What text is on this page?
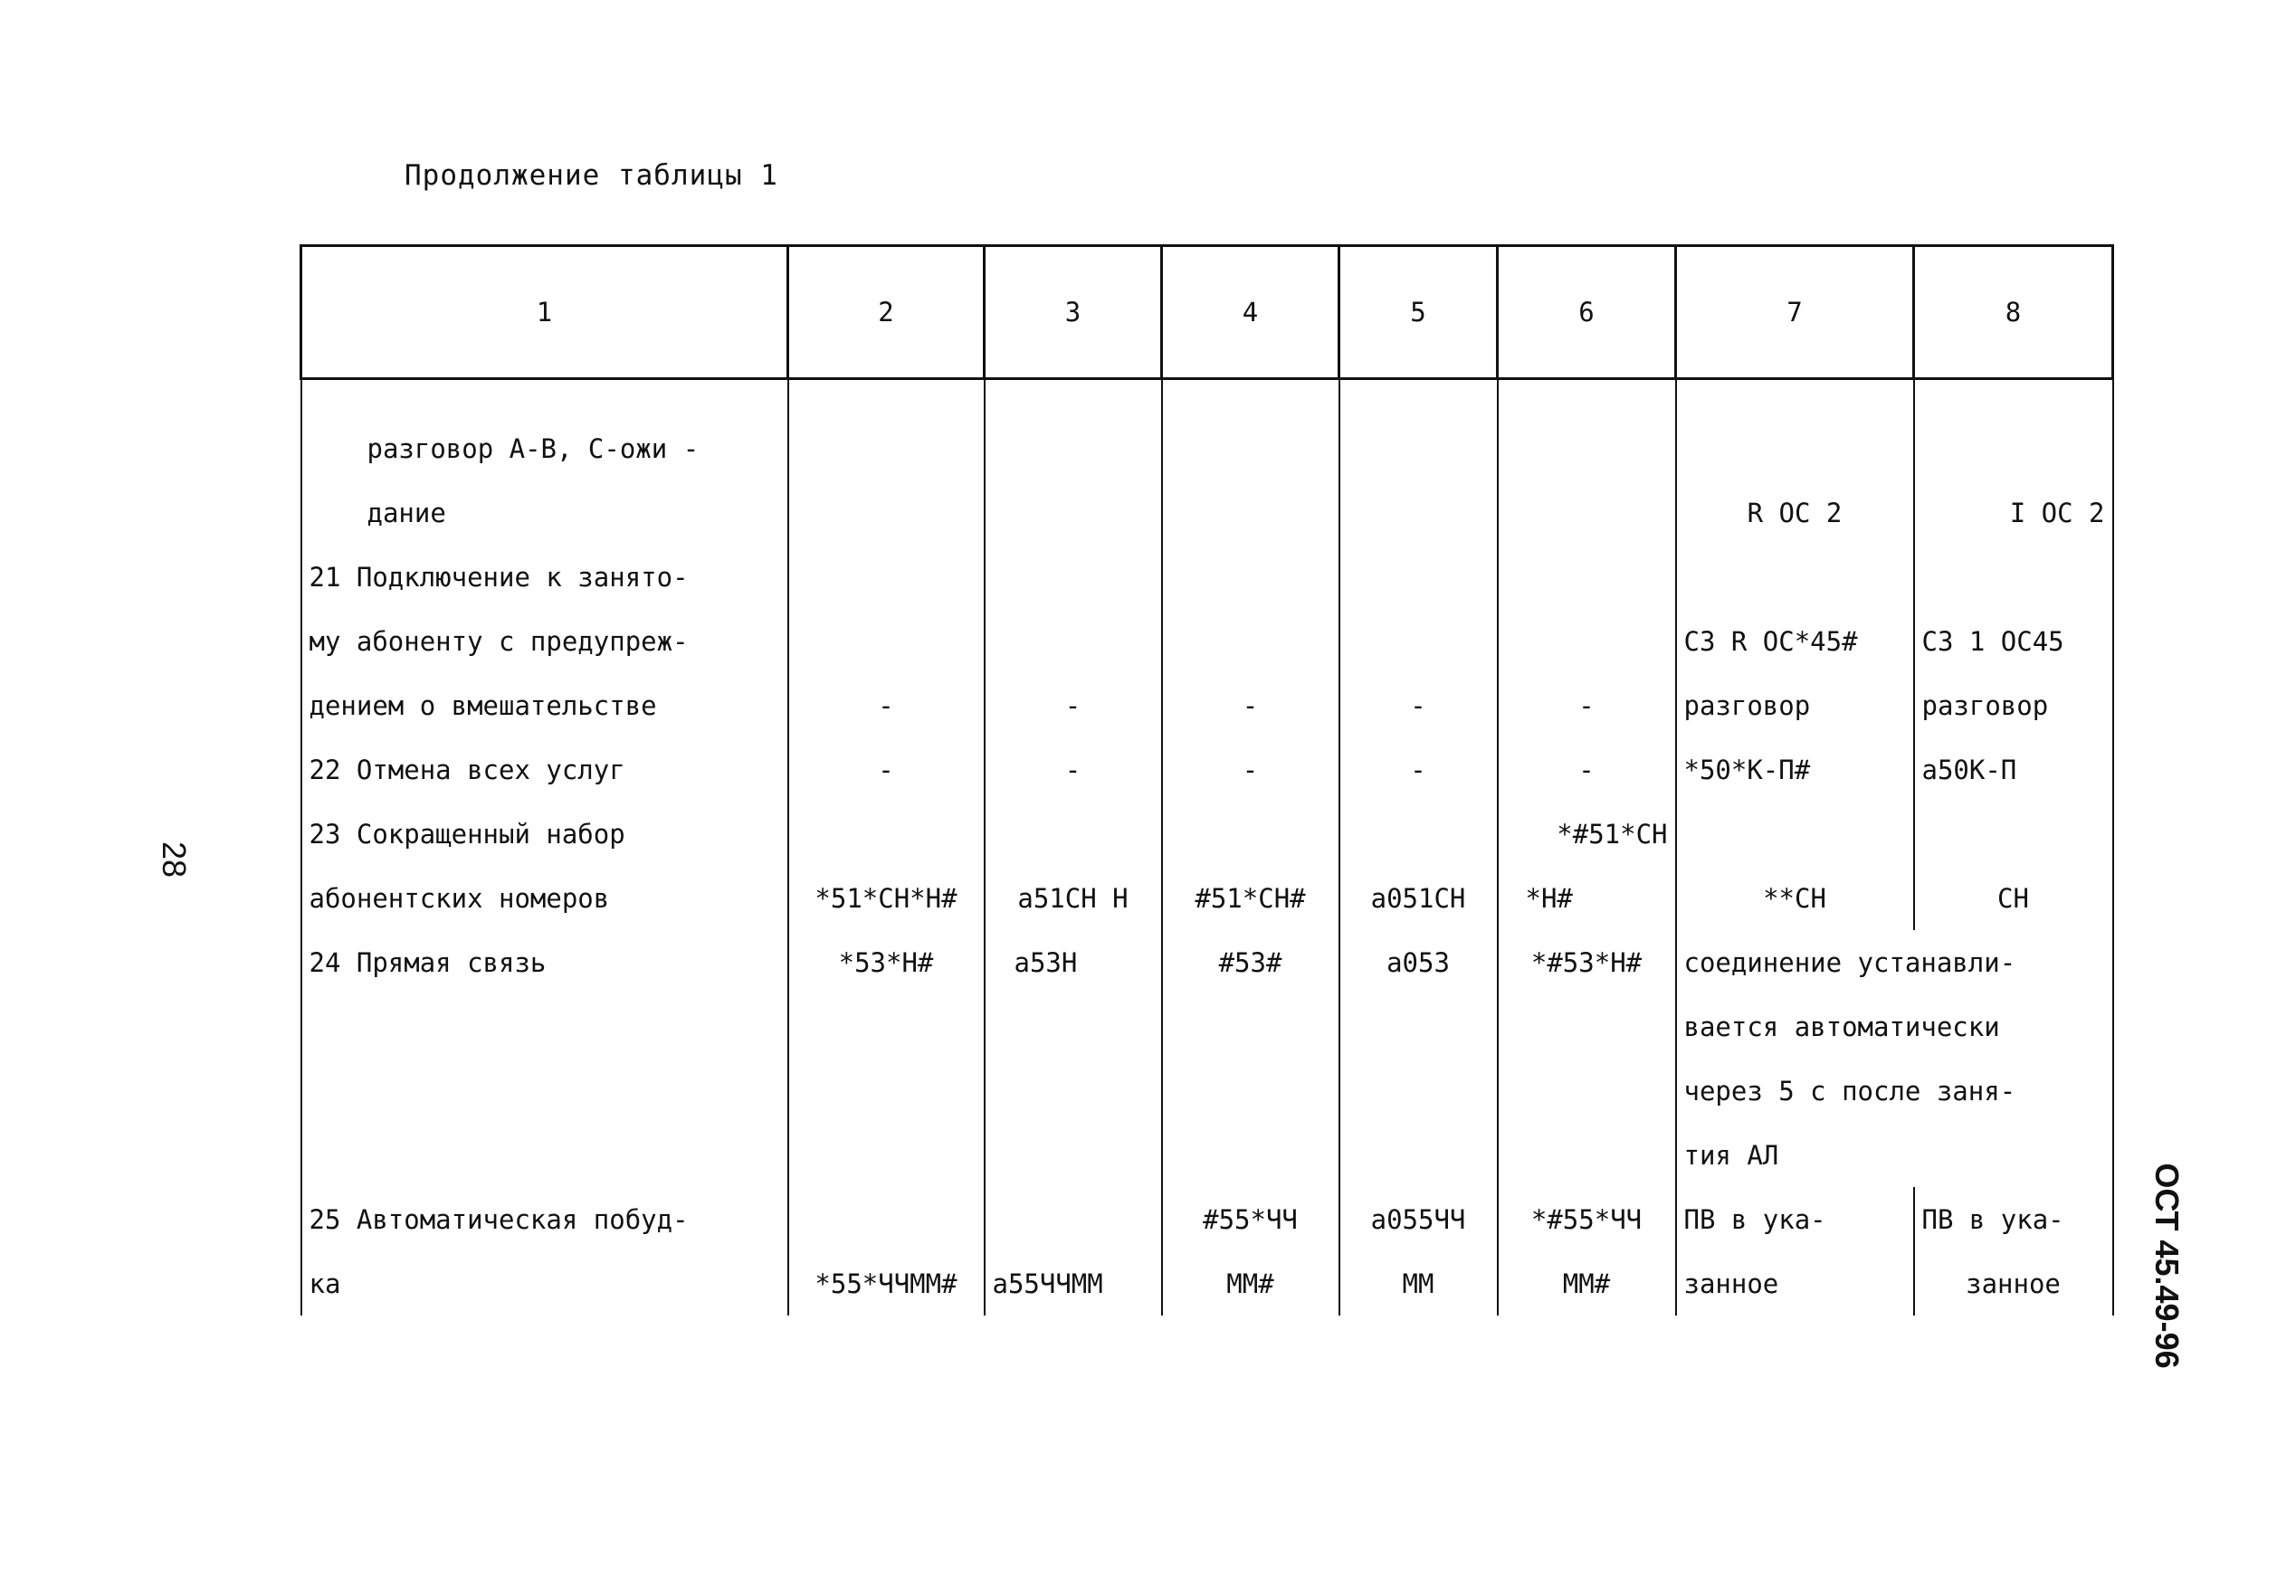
Продолжение таблицы 1
28
ОСТ 45.49-96
1	2	3	4	5	6	7	8
разговор А-В, С-ожи -							
дание						R ОС 2	I ОС 2
21 Подключение к занято-							
му абоненту с предупреж-						СЗ R ОС*45#	СЗ 1 ОС45
дением о вмешательстве	-	-	-	-	-	разговор	разговор
22 Отмена всех услуг	-	-	-	-	-	*50*К-П#	а50К-П
23 Сокращенный набор					*#51*СН		
абонентских номеров	*51*СН*Н#	а51СН Н	#51*СН#	а051СН	*Н#	**СН	СН
24 Прямая связь	*53*Н#	а53Н	#53#	а053	*#53*Н#	соединение устанавли-	
						вается автоматически	
						через 5 с после заня-	
						тия АЛ	
25 Автоматическая побуд-			#55*ЧЧ	а055ЧЧ	*#55*ЧЧ	ПВ в ука-	ПВ в ука-
ка	*55*ЧЧММ#	а55ЧЧММ	ММ#	ММ	ММ#	занное	занное
